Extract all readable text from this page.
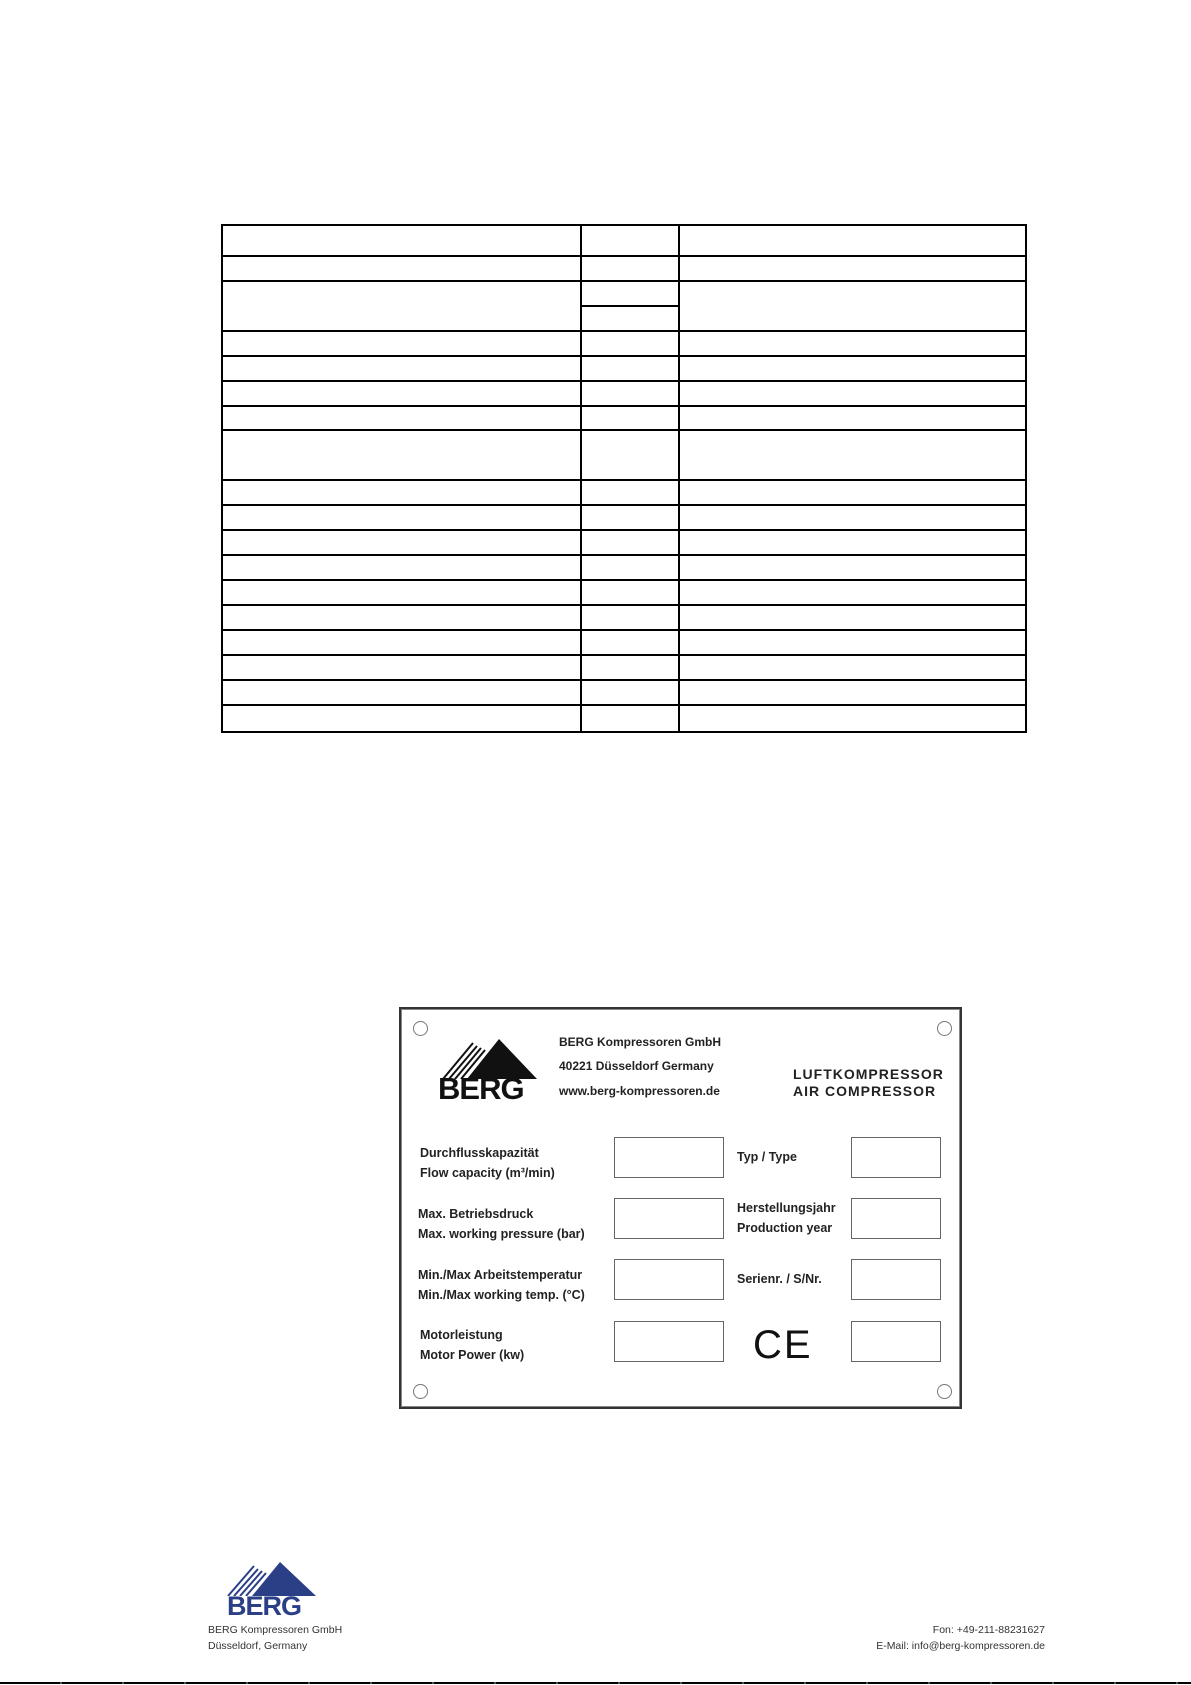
BERG
BERG Kompressoren GmbH
40221 Düsseldorf Germany
www.berg-kompressoren.de
LUFTKOMPRESSOR
AIR COMPRESSOR
Durchflusskapazität
Flow capacity (m³/min)
Max. Betriebsdruck
Max. working pressure (bar)
Min./Max Arbeitstemperatur
Min./Max working temp. (°C)
Motorleistung
Motor Power (kw)
Typ / Type
Herstellungsjahr
Production year
Serienr. / S/Nr.
CE
BERG
BERG Kompressoren GmbH
Düsseldorf, Germany
Fon: +49-211-88231627
E-Mail: info@berg-kompressoren.de
